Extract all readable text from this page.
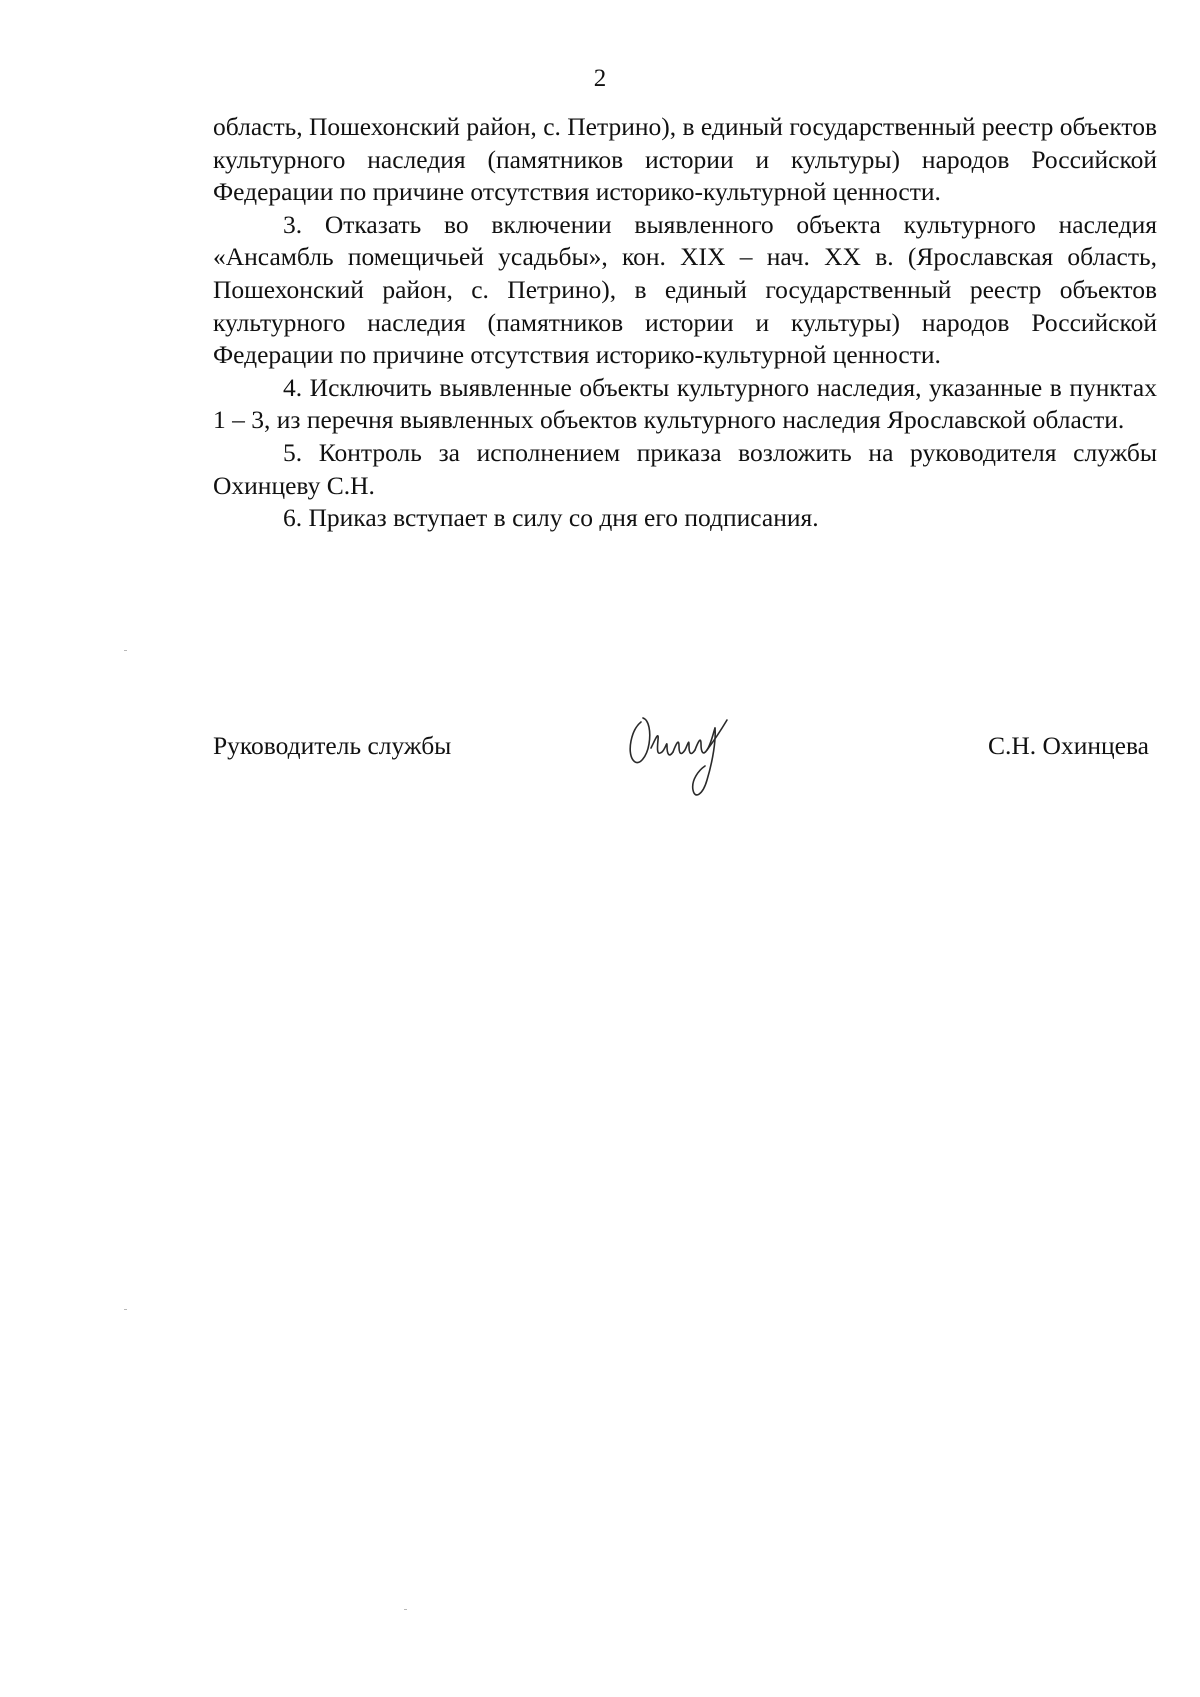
2

область, Пошехонский район, с. Петрино), в единый государственный реестр объектов культурного наследия (памятников истории и культуры) народов Российской Федерации по причине отсутствия историко-культурной ценности.

3. Отказать во включении выявленного объекта культурного наследия «Ансамбль помещичьей усадьбы», кон. XIX – нач. XX в. (Ярославская область, Пошехонский район, с. Петрино), в единый государственный реестр объектов культурного наследия (памятников истории и культуры) народов Российской Федерации по причине отсутствия историко-культурной ценности.

4. Исключить выявленные объекты культурного наследия, указанные в пунктах 1 – 3, из перечня выявленных объектов культурного наследия Ярославской области.

5. Контроль за исполнением приказа возложить на руководителя службы Охинцеву С.Н.

6. Приказ вступает в силу со дня его подписания.

Руководитель службы	С.Н. Охинцева
